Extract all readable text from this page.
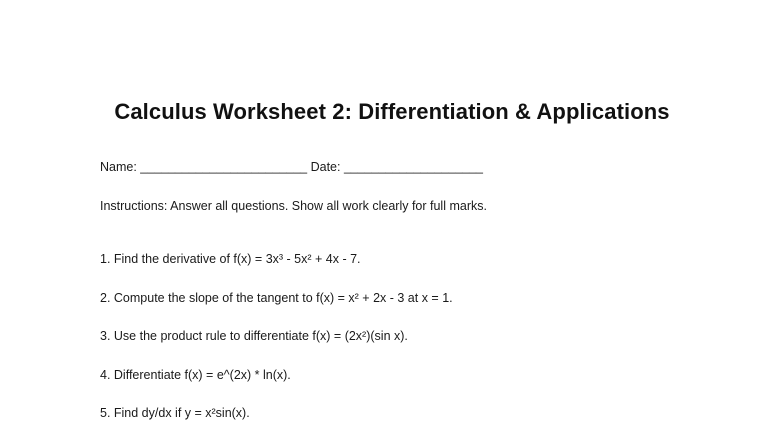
Calculus Worksheet 2: Differentiation & Applications
Name: ________________________ Date: ____________________
Instructions: Answer all questions. Show all work clearly for full marks.
1. Find the derivative of f(x) = 3x³ - 5x² + 4x - 7.
2. Compute the slope of the tangent to f(x) = x² + 2x - 3 at x = 1.
3. Use the product rule to differentiate f(x) = (2x²)(sin x).
4. Differentiate f(x) = e^(2x) * ln(x).
5. Find dy/dx if y = x²sin(x).
